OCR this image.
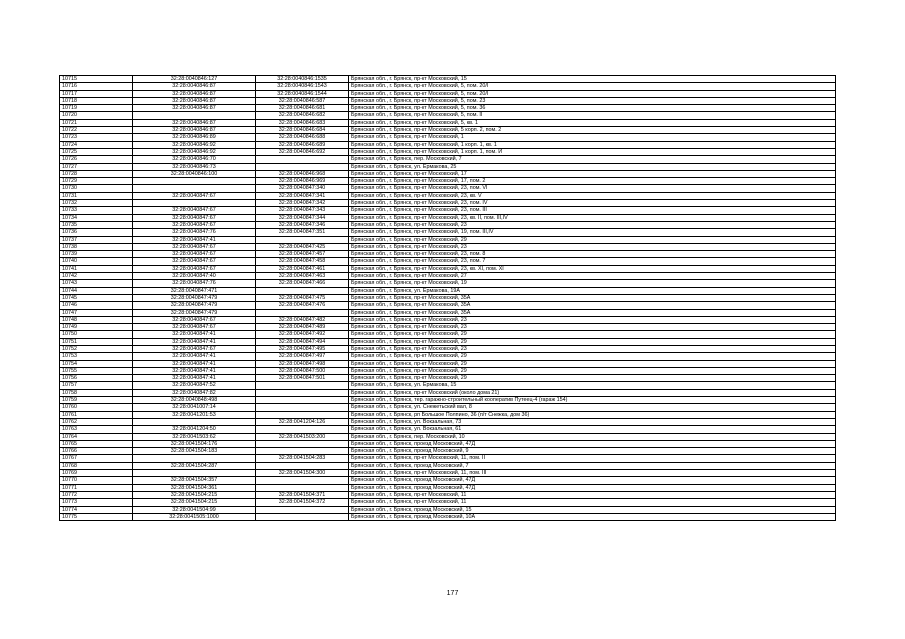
10715	32:28:0040846:127	32:28:0040846:1535	Брянская обл., г. Брянск, пр-кт Московский, 15
10716	32:28:0040846:87	32:28:0040846:1543	Брянская обл., г. Брянск, пр-кт Московский, 5, пом. 20/I
10717	32:28:0040846:87	32:28:0040846:1544	Брянская обл., г. Брянск, пр-кт Московский, 5, пом. 20/I
10718	32:28:0040846:87	32:28:0040846:587	Брянская обл., г. Брянск, пр-кт Московский, 5, пом. 23
10719	32:28:0040846:87	32:28:0040846:681	Брянская обл., г. Брянск, пр-кт Московский, 5, пом. 36
10720		32:28:0040846:682	Брянская обл., г. Брянск, пр-кт Московский, 5, пом. II
10721	32:28:0040846:87	32:28:0040846:683	Брянская обл., г. Брянск, пр-кт Московский, 5, кв. 1
10722	32:28:0040846:87	32:28:0040846:684	Брянская обл., г. Брянск, пр-кт Московский, 5 корп. 2, пом. 2
10723	32:28:0040846:89	32:28:0040846:688	Брянская обл., г. Брянск, пр-кт Московский, 1
10724	32:28:0040846:92	32:28:0040846:689	Брянская обл., г. Брянск, пр-кт Московский, 1 корп. 1, кв. 1
10725	32:28:0040846:92	32:28:0040846:692	Брянская обл., г. Брянск, пр-кт Московский, 1 корп. 1, пом. И
10726	32:28:0040846:70		Брянская обл., г. Брянск, пер. Московский, 7
10727	32:28:0040846:73		Брянская обл., г. Брянск, ул. Ермакова, 25
10728	32:28:0040846:100	32:28:0040846:968	Брянская обл., г. Брянск, пр-кт Московский, 17
10729		32:28:0040846:969	Брянская обл., г. Брянск, пр-кт Московский, 17, пом. 2
10730		32:28:0040847:340	Брянская обл., г. Брянск, пр-кт Московский, 23, пом. VI
10731	32:28:0040847:67	32:28:0040847:341	Брянская обл., г. Брянск, пр-кт Московский, 23, кв. V
10732		32:28:0040847:342	Брянская обл., г. Брянск, пр-кт Московский, 23, пом. IV
10733	32:28:0040847:67	32:28:0040847:343	Брянская обл., г. Брянск, пр-кт Московский, 23, пом. III
10734	32:28:0040847:67	32:28:0040847:344	Брянская обл., г. Брянск, пр-кт Московский, 23, кв. II, пом. III,IV
10735	32:28:0040847:67	32:28:0040847:346	Брянская обл., г. Брянск, пр-кт Московский, 23
10736	32:28:0040847:76	32:28:0040847:351	Брянская обл., г. Брянск, пр-кт Московский, 19, пом. III,IV
10737	32:28:0040847:41		Брянская обл., г. Брянск, пр-кт Московский, 29
10738	32:28:0040847:67	32:28:0040847:425	Брянская обл., г. Брянск, пр-кт Московский, 23
10739	32:28:0040847:67	32:28:0040847:457	Брянская обл., г. Брянск, пр-кт Московский, 23, пом. 8
10740	32:28:0040847:67	32:28:0040847:458	Брянская обл., г. Брянск, пр-кт Московский, 23, пом. 7
10741	32:28:0040847:67	32:28:0040847:461	Брянская обл., г. Брянск, пр-кт Московский, 23, кв. XI, пом. XI
10742	32:28:0040847:40	32:28:0040847:463	Брянская обл., г. Брянск, пр-кт Московский, 27
10743	32:28:0040847:76	32:28:0040847:466	Брянская обл., г. Брянск, пр-кт Московский, 19
10744	32:28:0040847:471		Брянская обл., г. Брянск, ул. Ермакова, 19А
10745	32:28:0040847:479	32:28:0040847:475	Брянская обл., г. Брянск, пр-кт Московский, 35А
10746	32:28:0040847:479	32:28:0040847:476	Брянская обл., г. Брянск, пр-кт Московский, 35А
10747	32:28:0040847:479		Брянская обл., г. Брянск, пр-кт Московский, 35А
10748	32:28:0040847:67	32:28:0040847:482	Брянская обл., г. Брянск, пр-кт Московский, 23
10749	32:28:0040847:67	32:28:0040847:489	Брянская обл., г. Брянск, пр-кт Московский, 23
10750	32:28:0040847:41	32:28:0040847:492	Брянская обл., г. Брянск, пр-кт Московский, 29
10751	32:28:0040847:41	32:28:0040847:494	Брянская обл., г. Брянск, пр-кт Московский, 29
10752	32:28:0040847:67	32:28:0040847:495	Брянская обл., г. Брянск, пр-кт Московский, 23
10753	32:28:0040847:41	32:28:0040847:497	Брянская обл., г. Брянск, пр-кт Московский, 29
10754	32:28:0040847:41	32:28:0040847:498	Брянская обл., г. Брянск, пр-кт Московский, 29
10755	32:28:0040847:41	32:28:0040847:500	Брянская обл., г. Брянск, пр-кт Московский, 29
10756	32:28:0040847:41	32:28:0040847:501	Брянская обл., г. Брянск, пр-кт Московский, 29
10757	32:28:0040847:52		Брянская обл., г. Брянск, ул. Ермакова, 15
10758	32:28:0040847:82		Брянская обл., г. Брянск, пр-кт Московский (около дома 21)
10759	32:28:0040848:498		Брянская обл., г. Брянск, тер. гаражно-строительный кооператив Путеец-4 (гараж 154)
10760	32:28:0041007:14		Брянская обл., г. Брянск, ул. Снежетьский вал, 8
10761	32:28:0041201:53		Брянская обл., г. Брянск, рп Большое Полпино, 36 (п/т Снежка, дом 36)
10762		32:28:0041204:126	Брянская обл., г. Брянск, ул. Вокзальная, 73
10763	32:28:0041204:50		Брянская обл., г. Брянск, ул. Вокзальная, 61
10764	32:28:0041503:62	32:28:0041503:200	Брянская обл., г. Брянск, пер. Московский, 10
10765	32:28:0041504:176		Брянская обл., г. Брянск, проезд Московский, 47Д
10766	32:28:0041504:183		Брянская обл., г. Брянск, проезд Московский, 9
10767		32:28:0041504:283	Брянская обл., г. Брянск, пр-кт Московский, 11, пом. II
10768	32:28:0041504:287		Брянская обл., г. Брянск, проезд Московский, 7
10769		32:28:0041504:300	Брянская обл., г. Брянск, пр-кт Московский, 11, пом. III
10770	32:28:0041504:357		Брянская обл., г. Брянск, проезд Московский, 47Д
10771	32:28:0041504:361		Брянская обл., г. Брянск, проезд Московский, 47Д
10772	32:28:0041504:215	32:28:0041504:371	Брянская обл., г. Брянск, пр-кт Московский, 11
10773	32:28:0041504:215	32:28:0041504:372	Брянская обл., г. Брянск, пр-кт Московский, 11
10774	32:28:0041504:99		Брянская обл., г. Брянск, проезд Московский, 15
10775	32:28:0041505:1000		Брянская обл., г. Брянск, проезд Московский, 10А
177
